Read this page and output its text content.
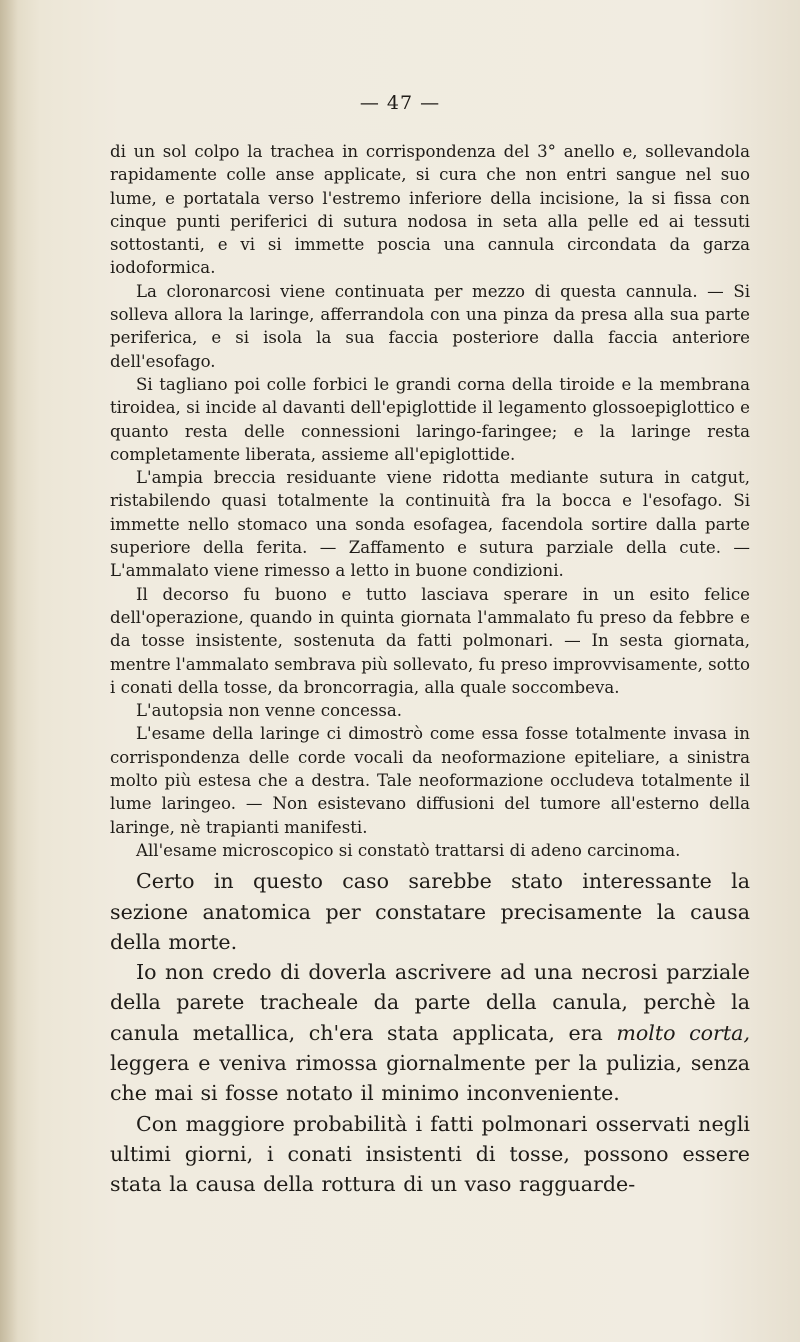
— 47 —

di un sol colpo la trachea in corrispondenza del 3° anello e, sollevandola rapidamente colle anse applicate, si cura che non entri sangue nel suo lume, e portatala verso l'estremo inferiore della incisione, la si fissa con cinque punti periferici di sutura nodosa in seta alla pelle ed ai tessuti sottostanti, e vi si immette poscia una cannula circondata da garza iodoformica.

La cloronarcosi viene continuata per mezzo di questa cannula. — Si solleva allora la laringe, afferrandola con una pinza da presa alla sua parte periferica, e si isola la sua faccia posteriore dalla faccia anteriore dell'esofago.

Si tagliano poi colle forbici le grandi corna della tiroide e la membrana tiroidea, si incide al davanti dell'epiglottide il legamento glossoepiglottico e quanto resta delle connessioni laringo-faringee; e la laringe resta completamente liberata, assieme all'epiglottide.

L'ampia breccia residuante viene ridotta mediante sutura in catgut, ristabilendo quasi totalmente la continuità fra la bocca e l'esofago. Si immette nello stomaco una sonda esofagea, facendola sortire dalla parte superiore della ferita. — Zaffamento e sutura parziale della cute. — L'ammalato viene rimesso a letto in buone condizioni.

Il decorso fu buono e tutto lasciava sperare in un esito felice dell'operazione, quando in quinta giornata l'ammalato fu preso da febbre e da tosse insistente, sostenuta da fatti polmonari. — In sesta giornata, mentre l'ammalato sembrava più sollevato, fu preso improvvisamente, sotto i conati della tosse, da broncorragia, alla quale soccombeva.

L'autopsia non venne concessa.

L'esame della laringe ci dimostrò come essa fosse totalmente invasa in corrispondenza delle corde vocali da neoformazione epiteliare, a sinistra molto più estesa che a destra. Tale neoformazione occludeva totalmente il lume laringeo. — Non esistevano diffusioni del tumore all'esterno della laringe, nè trapianti manifesti.

All'esame microscopico si constatò trattarsi di adeno carcinoma.

Certo in questo caso sarebbe stato interessante la sezione anatomica per constatare precisamente la causa della morte.

Io non credo di doverla ascrivere ad una necrosi parziale della parete tracheale da parte della canula, perchè la canula metallica, ch'era stata applicata, era molto corta, leggera e veniva rimossa giornalmente per la pulizia, senza che mai si fosse notato il minimo inconveniente.

Con maggiore probabilità i fatti polmonari osservati negli ultimi giorni, i conati insistenti di tosse, possono essere stata la causa della rottura di un vaso ragguarde-
